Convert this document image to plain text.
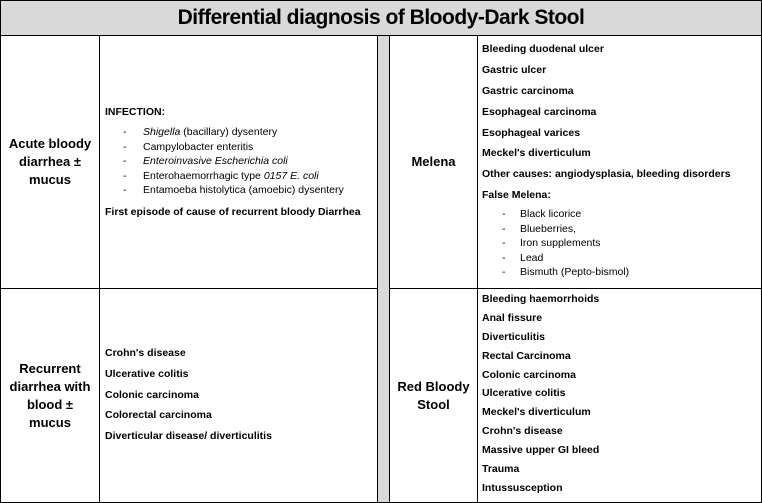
Differential diagnosis of Bloody-Dark Stool
Acute bloody diarrhea ± mucus
INFECTION:
- Shigella (bacillary) dysentery
- Campylobacter enteritis
- Enteroinvasive Escherichia coli
- Enterohaemorrhagic type 0157 E. coli
- Entamoeba histolytica (amoebic) dysentery
First episode of cause of recurrent bloody Diarrhea
Recurrent diarrhea with blood ± mucus
Crohn's disease
Ulcerative colitis
Colonic carcinoma
Colorectal carcinoma
Diverticular disease/ diverticulitis
Melena
Bleeding duodenal ulcer
Gastric ulcer
Gastric carcinoma
Esophageal carcinoma
Esophageal varices
Meckel's diverticulum
Other causes: angiodysplasia, bleeding disorders
False Melena:
- Black licorice
- Blueberries,
- Iron supplements
- Lead
- Bismuth (Pepto-bismol)
Red Bloody Stool
Bleeding haemorrhoids
Anal fissure
Diverticulitis
Rectal Carcinoma
Colonic carcinoma
Ulcerative colitis
Meckel's diverticulum
Crohn's disease
Massive upper GI bleed
Trauma
Intussusception
